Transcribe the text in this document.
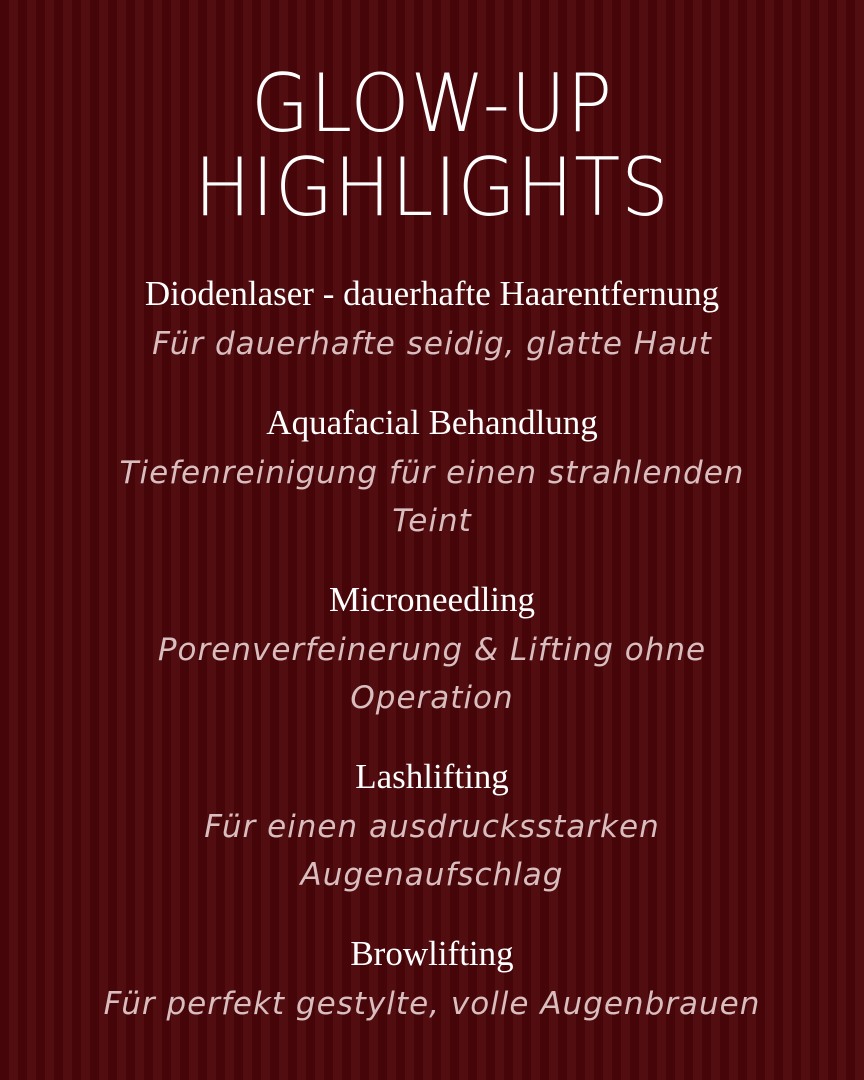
GLOW-UP
HIGHLIGHTS
Diodenlaser - dauerhafte Haarentfernung
Für dauerhafte seidig, glatte Haut
Aquafacial Behandlung
Tiefenreinigung für einen strahlenden Teint
Microneedling
Porenverfeinerung & Lifting ohne Operation
Lashlifting
Für einen ausdrucksstarken Augenaufschlag
Browlifting
Für perfekt gestylte, volle Augenbrauen
